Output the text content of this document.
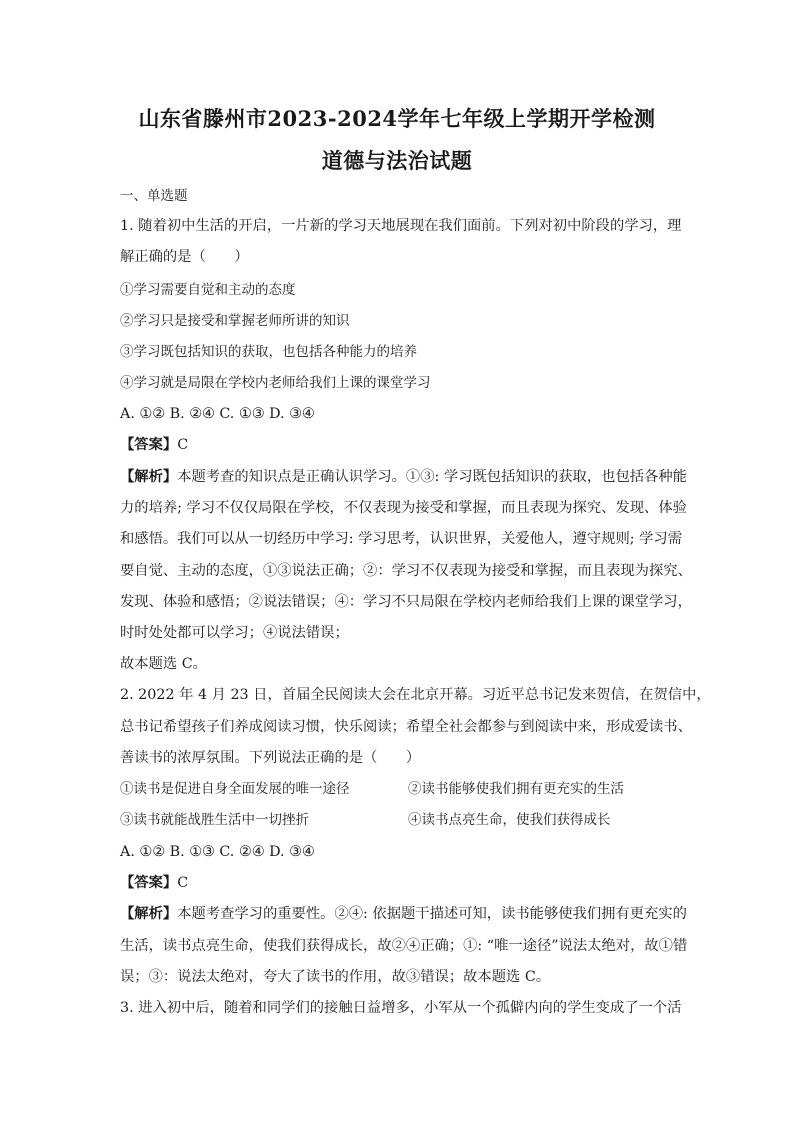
山东省滕州市2023-2024学年七年级上学期开学检测
道德与法治试题
一、单选题
1. 随着初中生活的开启，一片新的学习天地展现在我们面前。下列对初中阶段的学习，理
解正确的是（　　）
①学习需要自觉和主动的态度
②学习只是接受和掌握老师所讲的知识
③学习既包括知识的获取，也包括各种能力的培养
④学习就是局限在学校内老师给我们上课的课堂学习
A. ①② B. ②④ C. ①③ D. ③④
【答案】C
【解析】本题考查的知识点是正确认识学习。①③: 学习既包括知识的获取，也包括各种能
力的培养; 学习不仅仅局限在学校，不仅表现为接受和掌握，而且表现为探究、发现、体验
和感悟。我们可以从一切经历中学习: 学习思考，认识世界，关爱他人，遵守规则; 学习需
要自觉、主动的态度，①③说法正确；②：学习不仅表现为接受和掌握，而且表现为探究、
发现、体验和感悟；②说法错误；④：学习不只局限在学校内老师给我们上课的课堂学习，
时时处处都可以学习；④说法错误；
故本题选 C。
2. 2022 年 4 月 23 日，首届全民阅读大会在北京开幕。习近平总书记发来贺信，在贺信中，
总书记希望孩子们养成阅读习惯，快乐阅读；希望全社会都参与到阅读中来，形成爱读书、
善读书的浓厚氛围。下列说法正确的是（　　）
①读书是促进自身全面发展的唯一途径	②读书能够使我们拥有更充实的生活
③读书就能战胜生活中一切挫折	④读书点亮生命，使我们获得成长
A. ①② B. ①③ C. ②④ D. ③④
【答案】C
【解析】本题考查学习的重要性。②④: 依据题干描述可知，读书能够使我们拥有更充实的
生活，读书点亮生命，使我们获得成长，故②④正确；①: “唯一途径”说法太绝对，故①错
误；③：说法太绝对，夸大了读书的作用，故③错误；故本题选 C。
3. 进入初中后，随着和同学们的接触日益增多，小军从一个孤僻内向的学生变成了一个活
